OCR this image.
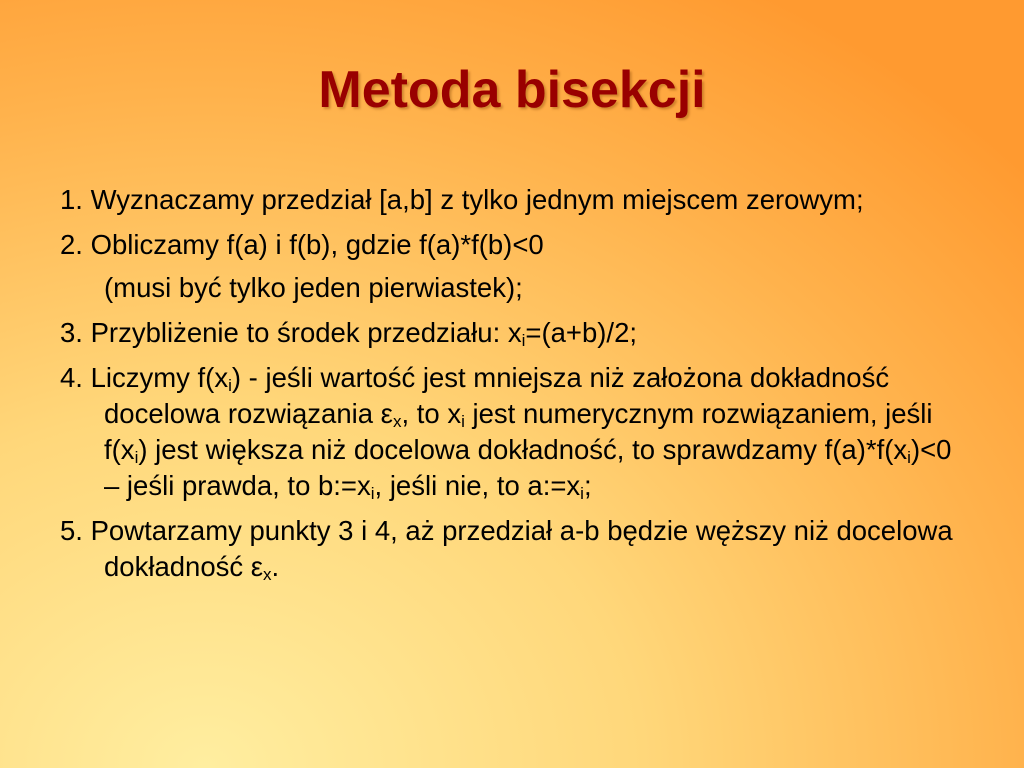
Metoda bisekcji
1. Wyznaczamy przedział [a,b] z tylko jednym miejscem zerowym;
2. Obliczamy f(a) i f(b), gdzie f(a)*f(b)<0
(musi być tylko jeden pierwiastek);
3. Przybliżenie to środek przedziału: $x_i=(a+b)/2$;
4. Liczymy $f(x_i)$ - jeśli wartość jest mniejsza niż założona dokładność docelowa rozwiązania $\varepsilon_x$, to $x_i$ jest numerycznym rozwiązaniem, jeśli $f(x_i)$ jest większa niż docelowa dokładność, to sprawdzamy $f(a)*f(x_i)<0$ – jeśli prawda, to $b:=x_i$, jeśli nie, to $a:=x_i$;
5. Powtarzamy punkty 3 i 4, aż przedział a-b będzie węższy niż docelowa dokładność $\varepsilon_x$.
